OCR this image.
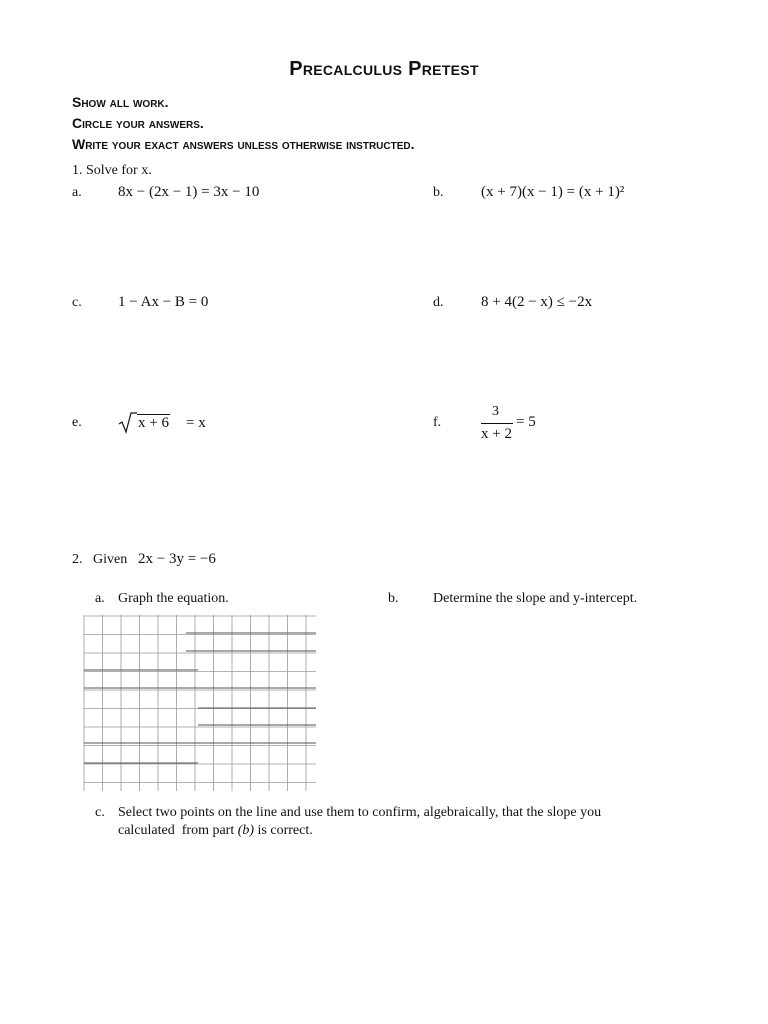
Precalculus Pretest
Show all work.
Circle your answers.
Write your exact answers unless otherwise instructed.
1. Solve for x.
a. 8x − (2x − 1) = 3x − 10	b.	(x + 7)(x − 1) = (x + 1)²
c. 1 − Ax − B = 0	d.	8 + 4(2 − x) ≤ −2x
e.	x + 6 = x	f.
3
x + 2
= 5
2.   Given 2x − 3y = −6
a. Graph the equation.	b. Determine the slope and y-intercept.
c. Select two points on the line and use them to confirm, algebraically, that the slope you
calculated  from part (b) is correct.
